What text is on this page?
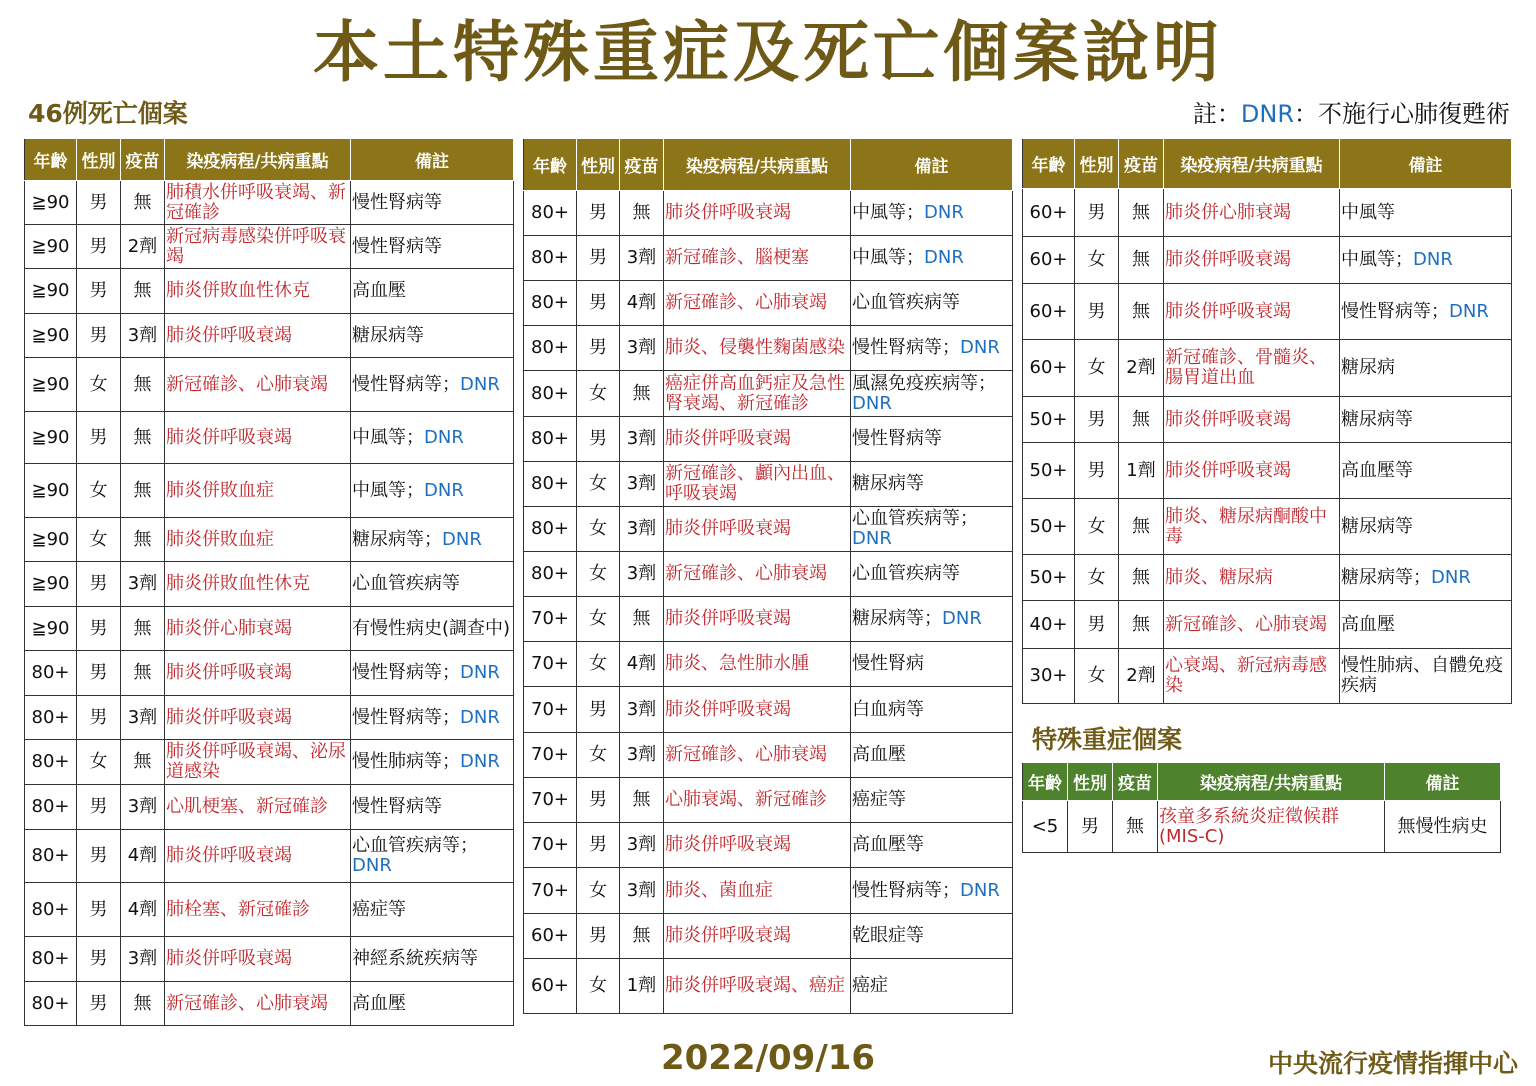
本土特殊重症及死亡個案說明
46例死亡個案	註：DNR：不施行心肺復甦術
年齡	性別	疫苗	染疫病程/共病重點	備註
≧90	男	無	肺積水併呼吸衰竭、新冠確診	慢性腎病等
≧90	男	2劑	新冠病毒感染併呼吸衰竭	慢性腎病等
≧90	男	無	肺炎併敗血性休克	高血壓
≧90	男	3劑	肺炎併呼吸衰竭	糖尿病等
≧90	女	無	新冠確診、心肺衰竭	慢性腎病等；DNR
≧90	男	無	肺炎併呼吸衰竭	中風等；DNR
≧90	女	無	肺炎併敗血症	中風等；DNR
≧90	女	無	肺炎併敗血症	糖尿病等；DNR
≧90	男	3劑	肺炎併敗血性休克	心血管疾病等
≧90	男	無	肺炎併心肺衰竭	有慢性病史(調查中)
80+	男	無	肺炎併呼吸衰竭	慢性腎病等；DNR
80+	男	3劑	肺炎併呼吸衰竭	慢性腎病等；DNR
80+	女	無	肺炎併呼吸衰竭、泌尿道感染	慢性肺病等；DNR
80+	男	3劑	心肌梗塞、新冠確診	慢性腎病等
80+	男	4劑	肺炎併呼吸衰竭	心血管疾病等；DNR
80+	男	4劑	肺栓塞、新冠確診	癌症等
80+	男	3劑	肺炎併呼吸衰竭	神經系統疾病等
80+	男	無	新冠確診、心肺衰竭	高血壓
年齡	性別	疫苗	染疫病程/共病重點	備註
80+	男	無	肺炎併呼吸衰竭	中風等；DNR
80+	男	3劑	新冠確診、腦梗塞	中風等；DNR
80+	男	4劑	新冠確診、心肺衰竭	心血管疾病等
80+	男	3劑	肺炎、侵襲性麴菌感染	慢性腎病等；DNR
80+	女	無	癌症併高血鈣症及急性腎衰竭、新冠確診	風濕免疫疾病等；DNR
80+	男	3劑	肺炎併呼吸衰竭	慢性腎病等
80+	女	3劑	新冠確診、顱內出血、呼吸衰竭	糖尿病等
80+	女	3劑	肺炎併呼吸衰竭	心血管疾病等；DNR
80+	女	3劑	新冠確診、心肺衰竭	心血管疾病等
70+	女	無	肺炎併呼吸衰竭	糖尿病等；DNR
70+	女	4劑	肺炎、急性肺水腫	慢性腎病
70+	男	3劑	肺炎併呼吸衰竭	白血病等
70+	女	3劑	新冠確診、心肺衰竭	高血壓
70+	男	無	心肺衰竭、新冠確診	癌症等
70+	男	3劑	肺炎併呼吸衰竭	高血壓等
70+	女	3劑	肺炎、菌血症	慢性腎病等；DNR
60+	男	無	肺炎併呼吸衰竭	乾眼症等
60+	女	1劑	肺炎併呼吸衰竭、癌症	癌症
年齡	性別	疫苗	染疫病程/共病重點	備註
60+	男	無	肺炎併心肺衰竭	中風等
60+	女	無	肺炎併呼吸衰竭	中風等；DNR
60+	男	無	肺炎併呼吸衰竭	慢性腎病等；DNR
60+	女	2劑	新冠確診、骨髓炎、腸胃道出血	糖尿病
50+	男	無	肺炎併呼吸衰竭	糖尿病等
50+	男	1劑	肺炎併呼吸衰竭	高血壓等
50+	女	無	肺炎、糖尿病酮酸中毒	糖尿病等
50+	女	無	肺炎、糖尿病	糖尿病等；DNR
40+	男	無	新冠確診、心肺衰竭	高血壓
30+	女	2劑	心衰竭、新冠病毒感染	慢性肺病、自體免疫疾病
特殊重症個案
年齡	性別	疫苗	染疫病程/共病重點	備註
<5	男	無	孩童多系統炎症徵候群(MIS-C)	無慢性病史
2022/09/16	中央流行疫情指揮中心
